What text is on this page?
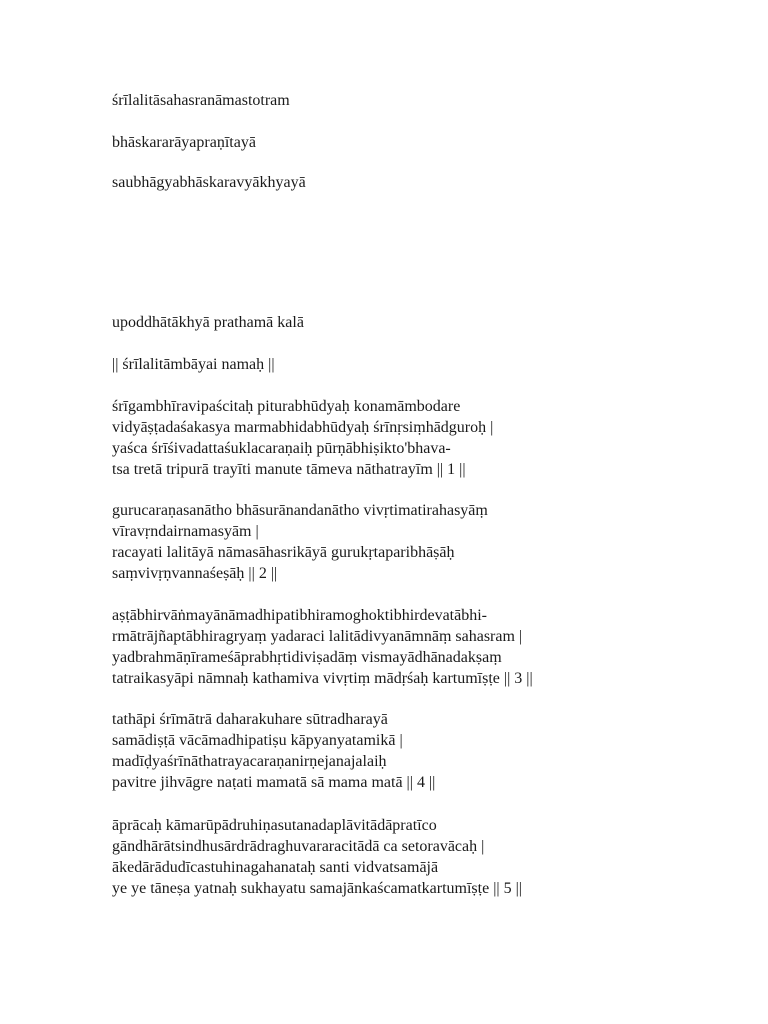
śrīlalitāsahasranāmastotram
bhāskararāyapraṇītayā
saubhāgyabhāskaravyākhyayā
upoddhātākhyā prathamā kalā
|| śrīlalitāmbāyai namaḥ ||
śrīgambhīravipaścitaḥ piturabhūdyaḥ konamāmbodare
vidyāṣṭadaśakasya marmabhidabhūdyaḥ śrīnṛsiṃhādguroḥ |
yaśca śrīśivadattaśuklacaraṇaiḥ pūrṇābhiṣikto'bhava-
tsa tretā tripurā trayīti manute tāmeva nāthatrayīm || 1 ||
gurucaraṇasanātho bhāsurānandanātho vivṛtimatirahasyāṃ
vīravṛndairnamasyām |
racayati lalitāyā nāmasāhasrikāyā gurukṛtaparibhāṣāḥ
saṃvivṛṇvannaśeṣāḥ || 2 ||
aṣṭābhirvāṅmayānāmadhipatibhiramoghoktibhirdevatābhi-
rmātrājñaptābhiragryaṃ yadaraci lalitādivyanāmnāṃ sahasram |
yadbrahmāṇīrameśāprabhṛtidiviṣadāṃ vismayādhānadakṣaṃ
tatraikasyāpi nāmnaḥ kathamiva vivṛtiṃ mādṛśaḥ kartumīṣṭe || 3 ||
tathāpi śrīmātrā daharakuhare sūtradharayā
samādiṣṭā vācāmadhipatiṣu kāpyanyatamikā |
madīḍyaśrīnāthatrayacaraṇanirṇejanajalaiḥ
pavitre jihvāgre naṭati mamatā sā mama matā || 4 ||
āprācaḥ kāmarūpādruhiṇasutanadaplāvitādāpratīco
gāndhārātsindhusārdrādraghuvararacitādā ca setoravācaḥ |
ākedārādudīcastuhinagahanataḥ santi vidvatsamājā
ye ye tāneṣa yatnaḥ sukhayatu samajānkaścamatkartumīṣṭe || 5 ||
